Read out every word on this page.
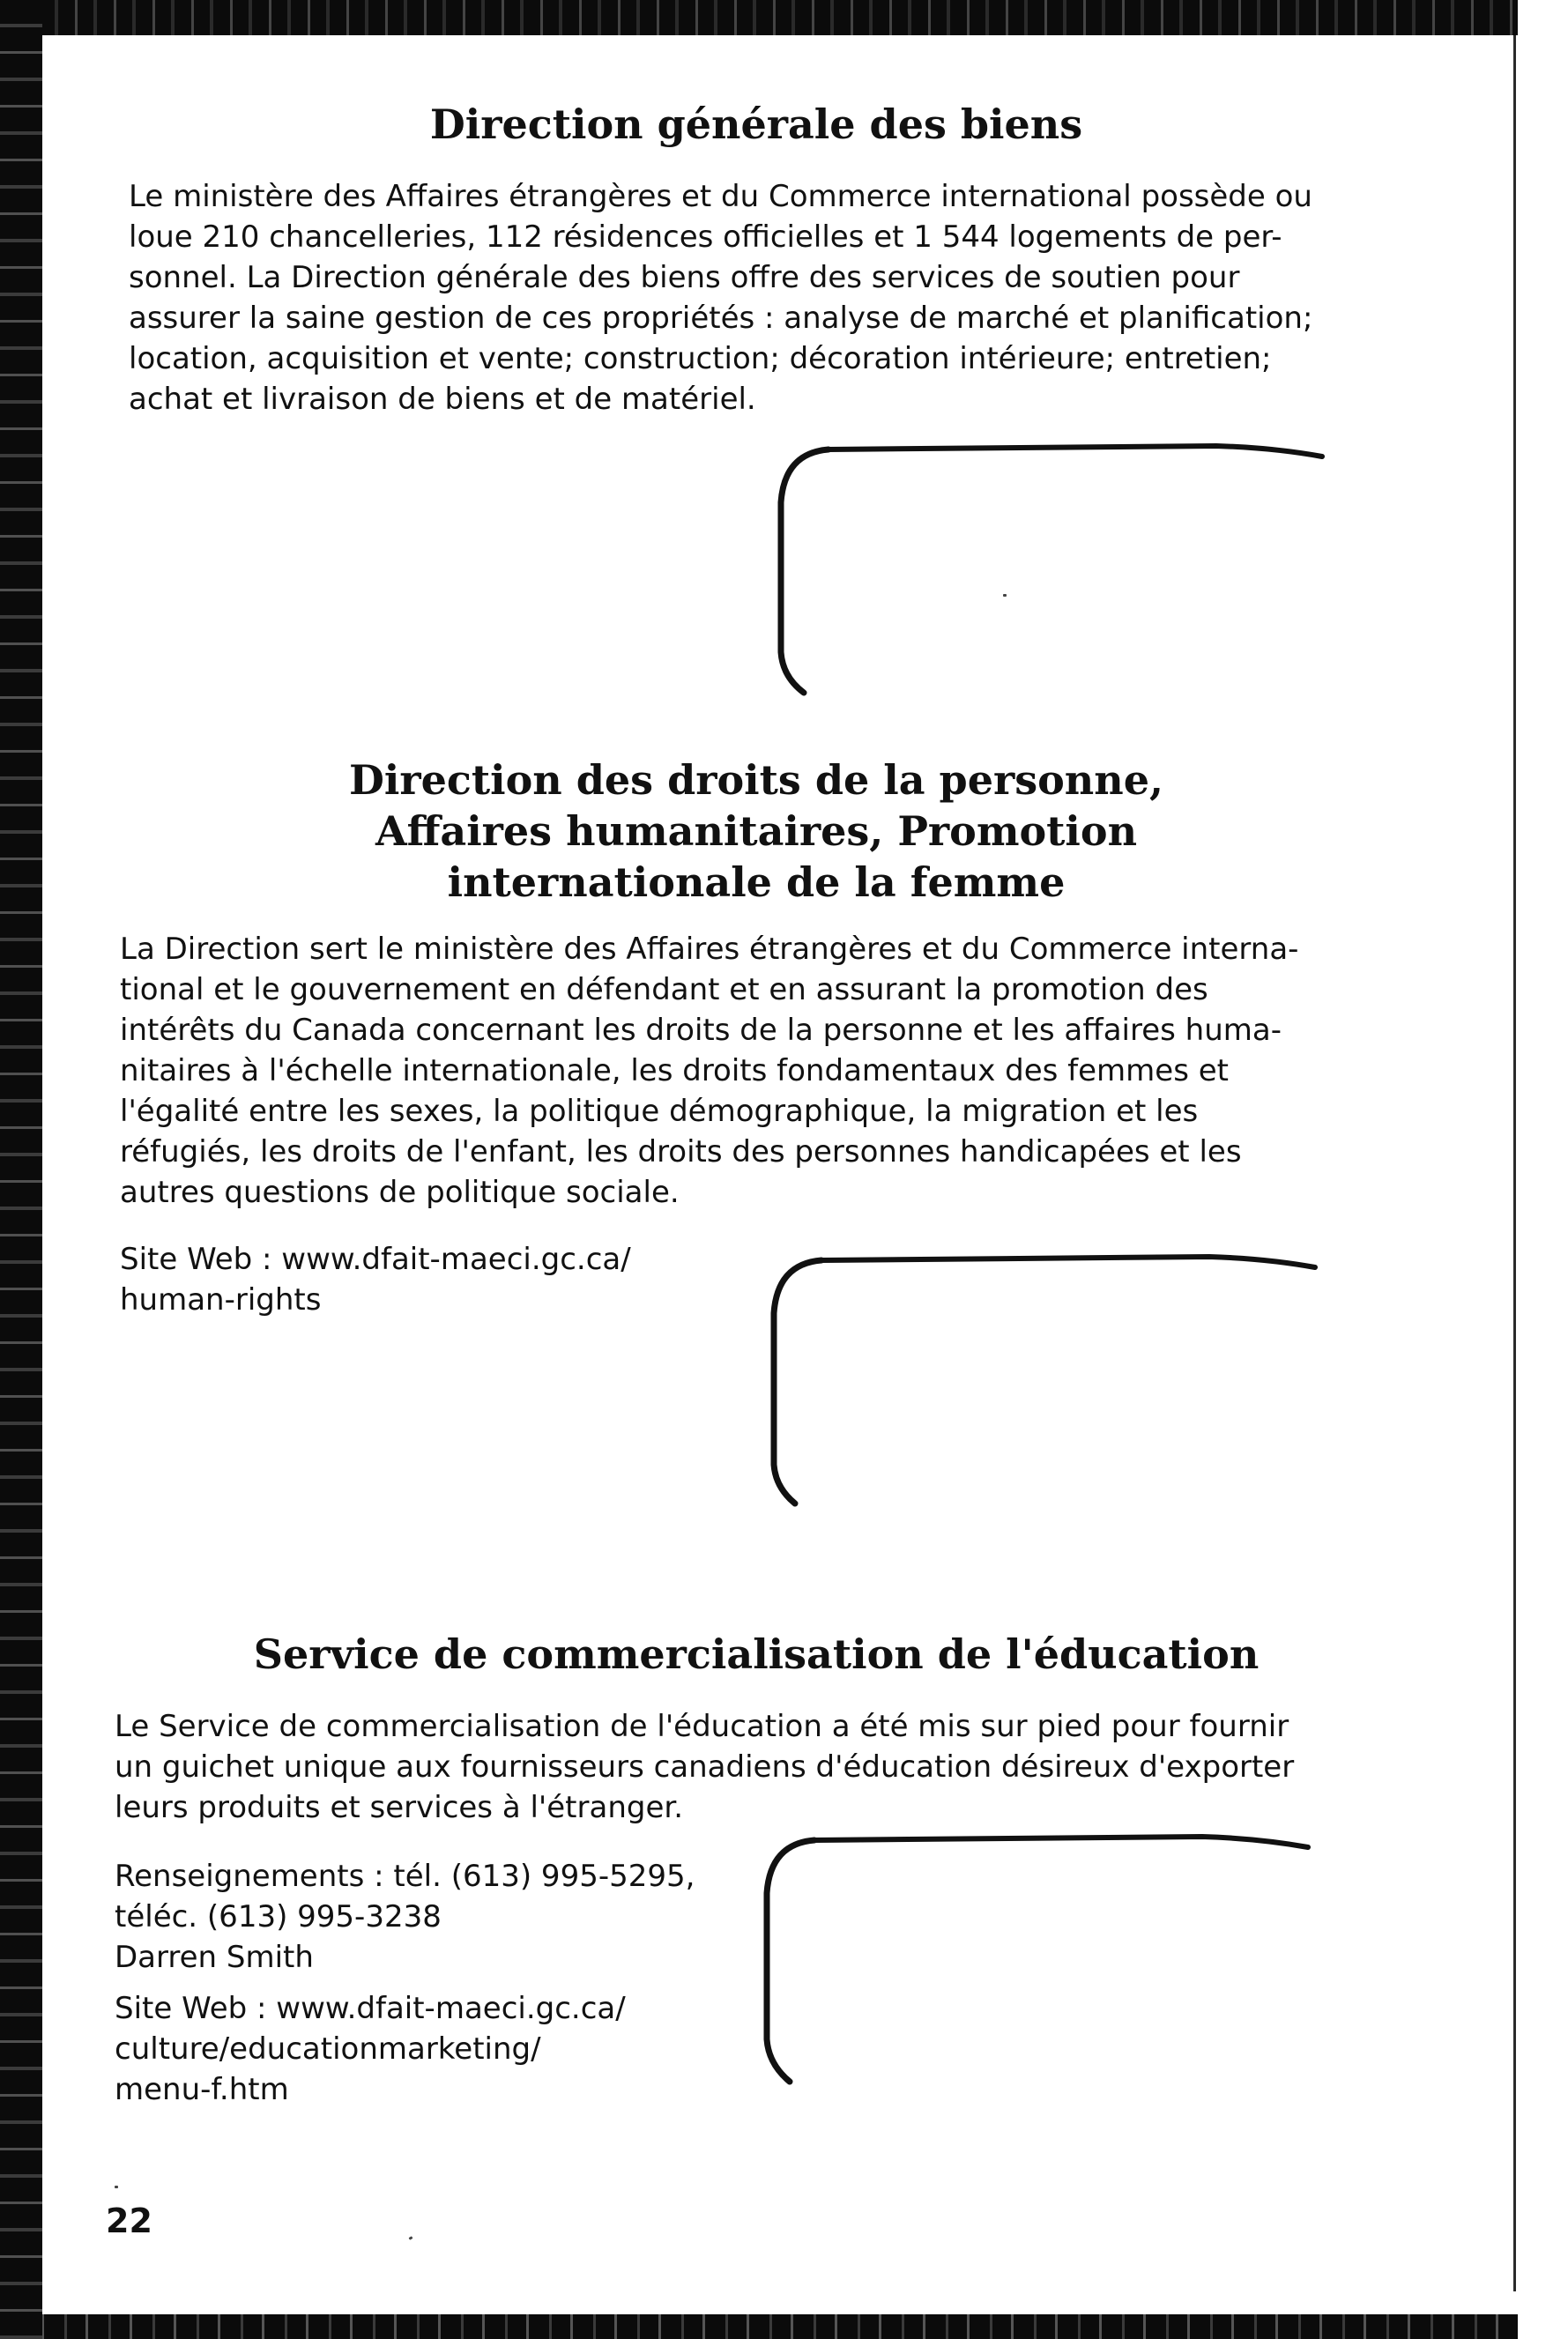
Direction générale des biens

Le ministère des Affaires étrangères et du Commerce international possède ou
loue 210 chancelleries, 112 résidences officielles et 1 544 logements de per-
sonnel. La Direction générale des biens offre des services de soutien pour
assurer la saine gestion de ces propriétés : analyse de marché et planification;
location, acquisition et vente; construction; décoration intérieure; entretien;
achat et livraison de biens et de matériel.

Direction des droits de la personne,
Affaires humanitaires, Promotion
internationale de la femme

La Direction sert le ministère des Affaires étrangères et du Commerce interna-
tional et le gouvernement en défendant et en assurant la promotion des
intérêts du Canada concernant les droits de la personne et les affaires huma-
nitaires à l'échelle internationale, les droits fondamentaux des femmes et
l'égalité entre les sexes, la politique démographique, la migration et les
réfugiés, les droits de l'enfant, les droits des personnes handicapées et les
autres questions de politique sociale.

Site Web : www.dfait-maeci.gc.ca/
human-rights

Service de commercialisation de l'éducation

Le Service de commercialisation de l'éducation a été mis sur pied pour fournir
un guichet unique aux fournisseurs canadiens d'éducation désireux d'exporter
leurs produits et services à l'étranger.

Renseignements : tél. (613) 995-5295,
téléc. (613) 995-3238
Darren Smith

Site Web : www.dfait-maeci.gc.ca/
culture/educationmarketing/
menu-f.htm

22
